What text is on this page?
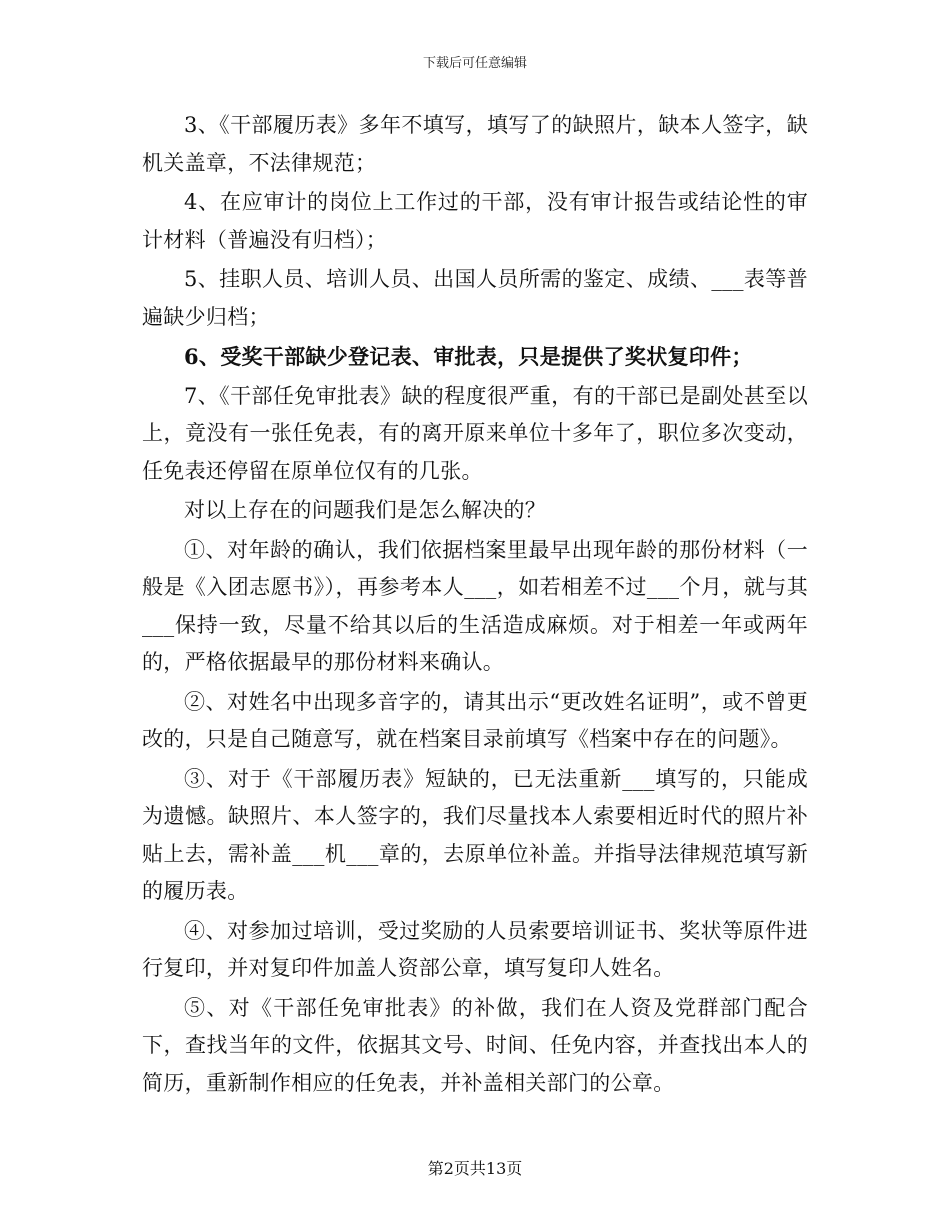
下载后可任意编辑

3、《干部履历表》多年不填写，填写了的缺照片，缺本人签字，缺机关盖章，不法律规范；

4、在应审计的岗位上工作过的干部，没有审计报告或结论性的审计材料（普遍没有归档）；

5、挂职人员、培训人员、出国人员所需的鉴定、成绩、___表等普遍缺少归档；

6、受奖干部缺少登记表、审批表，只是提供了奖状复印件；

7、《干部任免审批表》缺的程度很严重，有的干部已是副处甚至以上，竟没有一张任免表，有的离开原来单位十多年了，职位多次变动，任免表还停留在原单位仅有的几张。

对以上存在的问题我们是怎么解决的？

①、对年龄的确认，我们依据档案里最早出现年龄的那份材料（一般是《入团志愿书》），再参考本人___，如若相差不过___个月，就与其___保持一致，尽量不给其以后的生活造成麻烦。对于相差一年或两年的，严格依据最早的那份材料来确认。

②、对姓名中出现多音字的，请其出示“更改姓名证明”，或不曾更改的，只是自己随意写，就在档案目录前填写《档案中存在的问题》。

③、对于《干部履历表》短缺的，已无法重新___填写的，只能成为遗憾。缺照片、本人签字的，我们尽量找本人索要相近时代的照片补贴上去，需补盖___机___章的，去原单位补盖。并指导法律规范填写新的履历表。

④、对参加过培训，受过奖励的人员索要培训证书、奖状等原件进行复印，并对复印件加盖人资部公章，填写复印人姓名。

⑤、对《干部任免审批表》的补做，我们在人资及党群部门配合下，查找当年的文件，依据其文号、时间、任免内容，并查找出本人的简历，重新制作相应的任免表，并补盖相关部门的公章。

第2页共13页
